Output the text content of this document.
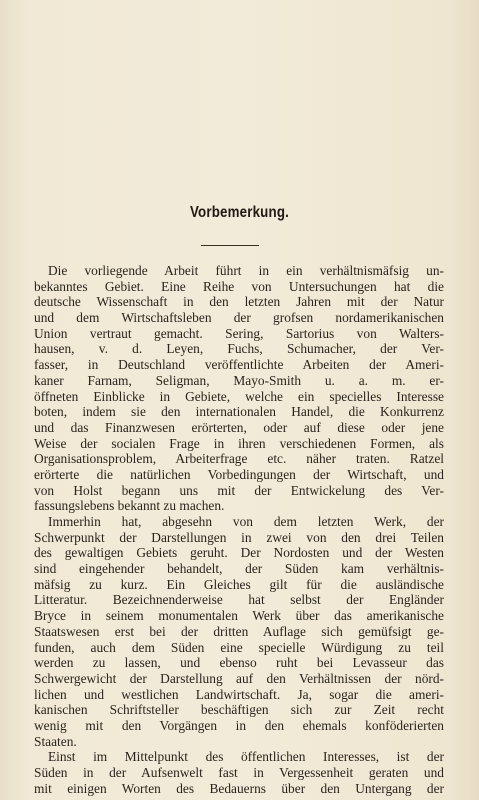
Vorbemerkung.
Die vorliegende Arbeit führt in ein verhältnismäfsig un-
bekanntes Gebiet. Eine Reihe von Untersuchungen hat die
deutsche Wissenschaft in den letzten Jahren mit der Natur
und dem Wirtschaftsleben der grofsen nordamerikanischen
Union vertraut gemacht. Sering, Sartorius von Walters-
hausen, v. d. Leyen, Fuchs, Schumacher, der Ver-
fasser, in Deutschland veröffentlichte Arbeiten der Ameri-
kaner Farnam, Seligman, Mayo-Smith u. a. m. er-
öffneten Einblicke in Gebiete, welche ein specielles Interesse
boten, indem sie den internationalen Handel, die Konkurrenz
und das Finanzwesen erörterten, oder auf diese oder jene
Weise der socialen Frage in ihren verschiedenen Formen, als
Organisationsproblem, Arbeiterfrage etc. näher traten. Ratzel
erörterte die natürlichen Vorbedingungen der Wirtschaft, und
von Holst begann uns mit der Entwickelung des Ver-
fassungslebens bekannt zu machen.
Immerhin hat, abgesehn von dem letzten Werk, der
Schwerpunkt der Darstellungen in zwei von den drei Teilen
des gewaltigen Gebiets geruht. Der Nordosten und der Westen
sind eingehender behandelt, der Süden kam verhältnis-
mäfsig zu kurz. Ein Gleiches gilt für die ausländische
Litteratur. Bezeichnenderweise hat selbst der Engländer
Bryce in seinem monumentalen Werk über das amerikanische
Staatswesen erst bei der dritten Auflage sich gemüfsigt ge-
funden, auch dem Süden eine specielle Würdigung zu teil
werden zu lassen, und ebenso ruht bei Levasseur das
Schwergewicht der Darstellung auf den Verhältnissen der nörd-
lichen und westlichen Landwirtschaft. Ja, sogar die ameri-
kanischen Schriftsteller beschäftigen sich zur Zeit recht
wenig mit den Vorgängen in den ehemals konföderierten
Staaten.
Einst im Mittelpunkt des öffentlichen Interesses, ist der
Süden in der Aufsenwelt fast in Vergessenheit geraten und
mit einigen Worten des Bedauerns über den Untergang der
